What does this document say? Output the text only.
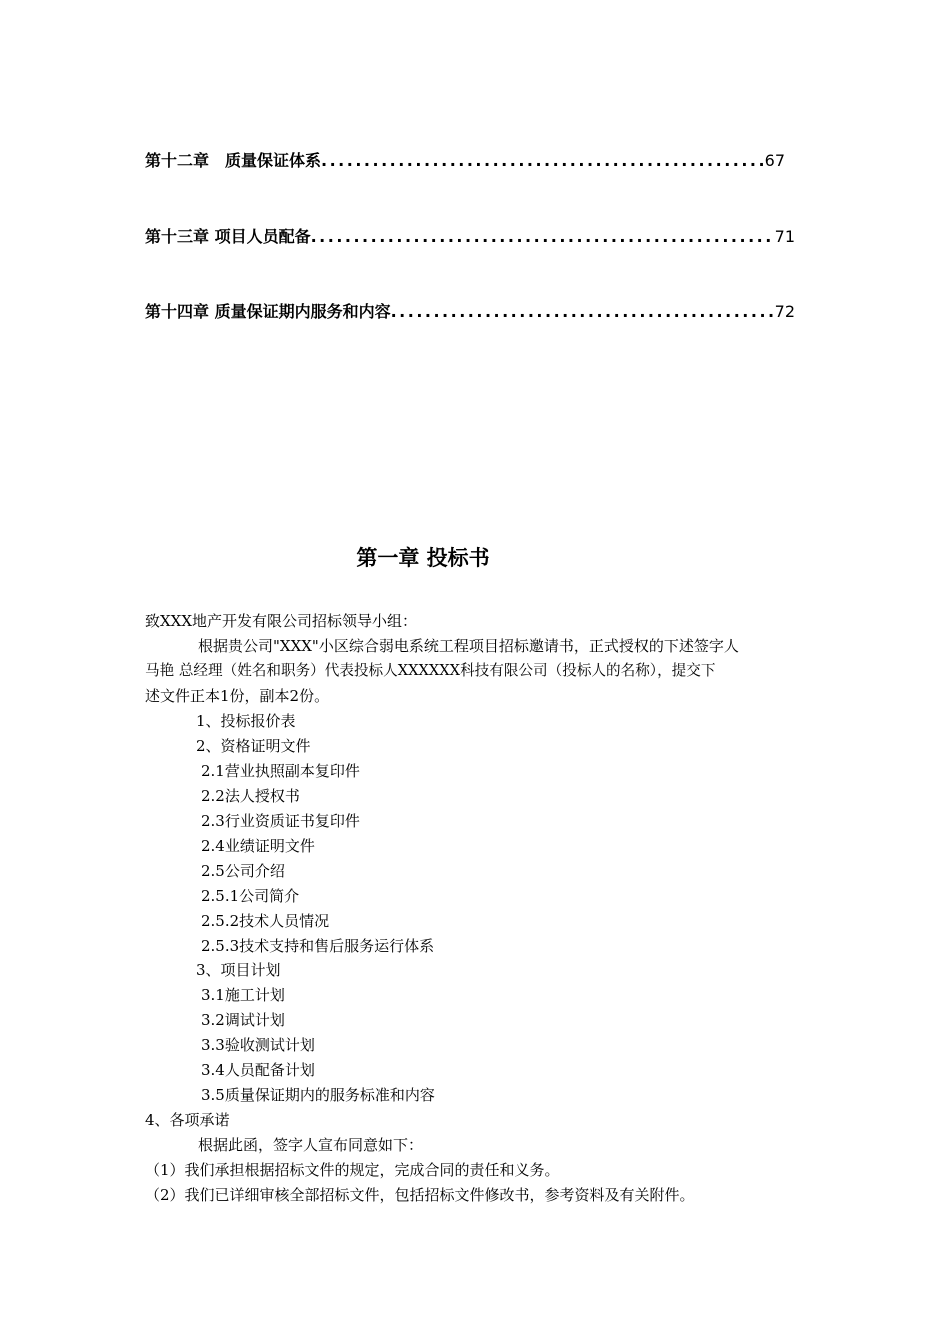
第十二章　质量保证体系 .....	67
第十三章 项目人员配备 .....	71
第十四章 质量保证期内服务和内容 .....	72
第一章 投标书
致XXX地产开发有限公司招标领导小组：
根据贵公司"XXX"小区综合弱电系统工程项目招标邀请书，正式授权的下述签字人
马艳 总经理（姓名和职务）代表投标人XXXXXX科技有限公司（投标人的名称），提交下
述文件正本1份，副本2份。
1、投标报价表
2、资格证明文件
2.1营业执照副本复印件
2.2法人授权书
2.3行业资质证书复印件
2.4业绩证明文件
2.5公司介绍
2.5.1公司简介
2.5.2技术人员情况
2.5.3技术支持和售后服务运行体系
3、项目计划
3.1施工计划
3.2调试计划
3.3验收测试计划
3.4人员配备计划
3.5质量保证期内的服务标准和内容
4、各项承诺
根据此函，签字人宣布同意如下：
（1）我们承担根据招标文件的规定，完成合同的责任和义务。
（2）我们已详细审核全部招标文件，包括招标文件修改书，参考资料及有关附件。
